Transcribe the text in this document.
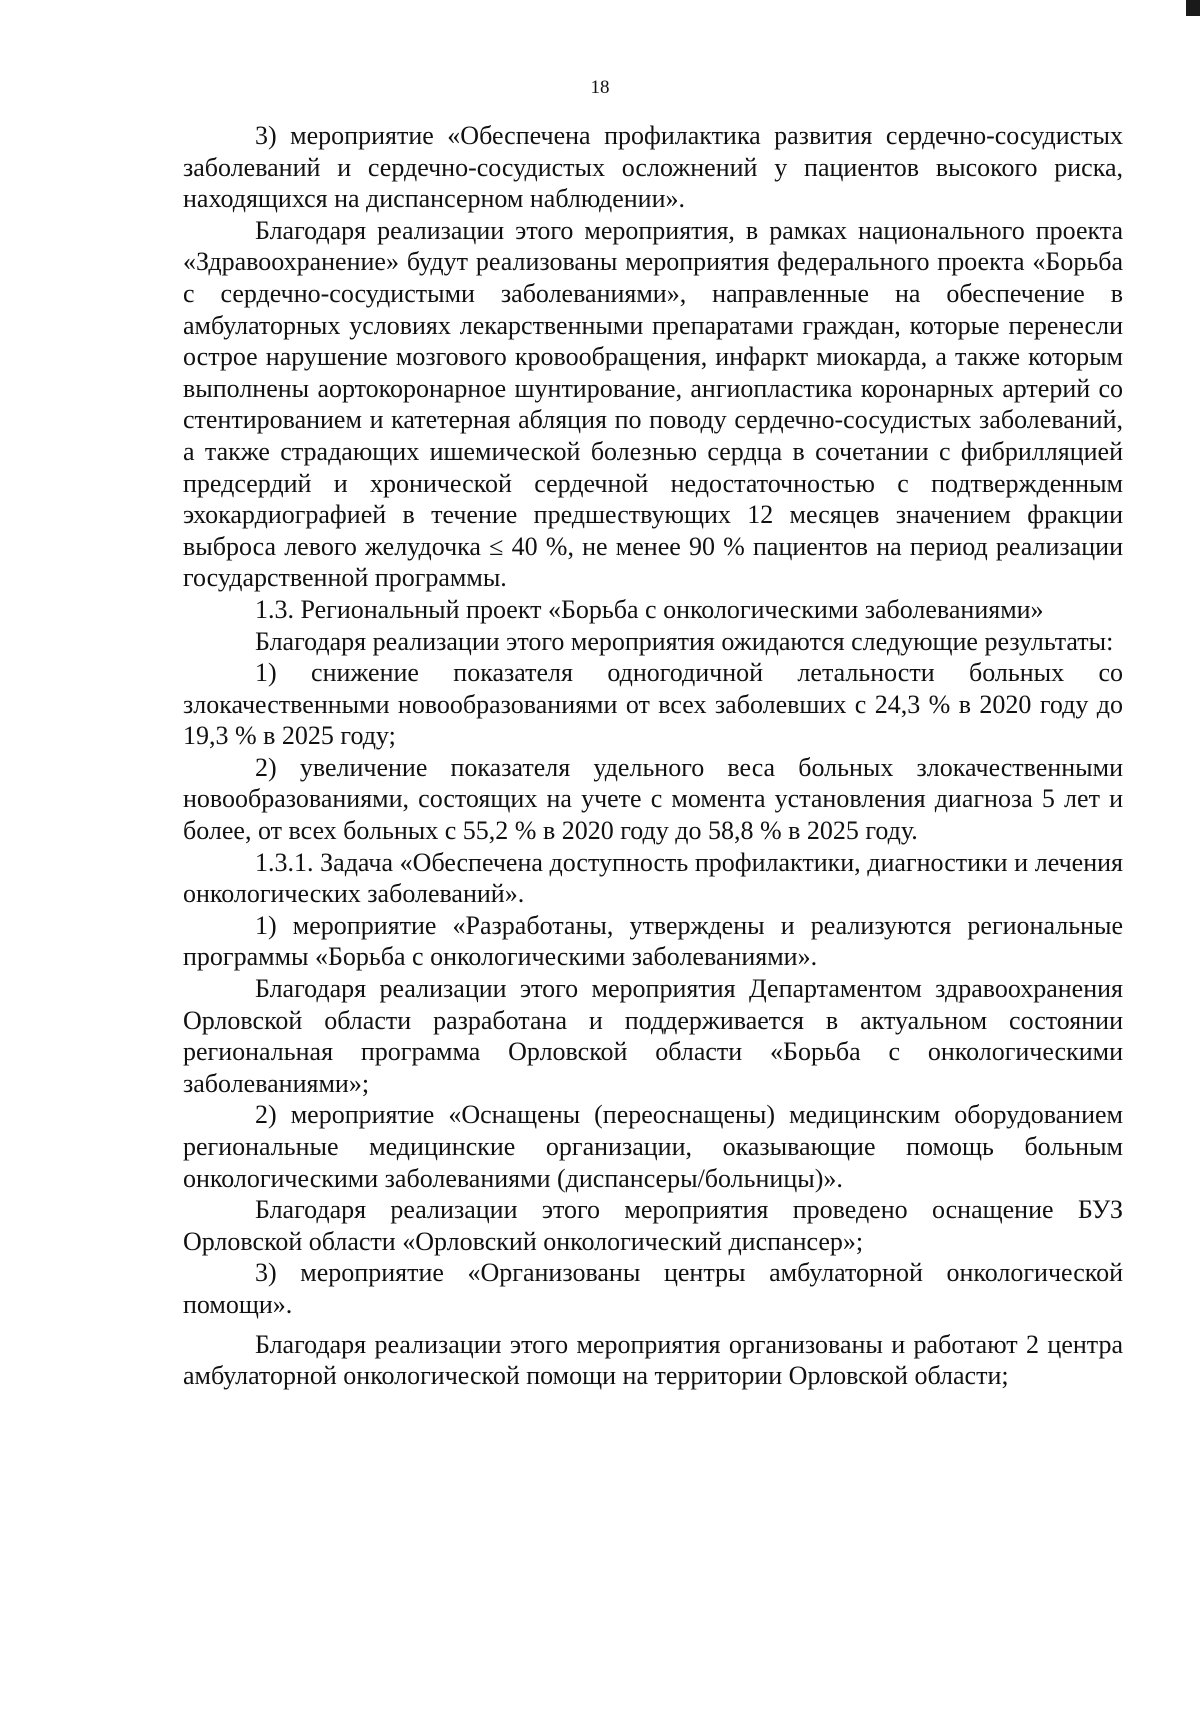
18

3) мероприятие «Обеспечена профилактика развития сердечно-сосудистых заболеваний и сердечно-сосудистых осложнений у пациентов высокого риска, находящихся на диспансерном наблюдении».

Благодаря реализации этого мероприятия, в рамках национального проекта «Здравоохранение» будут реализованы мероприятия федерального проекта «Борьба с сердечно-сосудистыми заболеваниями», направленные на обеспечение в амбулаторных условиях лекарственными препаратами граждан, которые перенесли острое нарушение мозгового кровообращения, инфаркт миокарда, а также которым выполнены аортокоронарное шунтирование, ангиопластика коронарных артерий со стентированием и катетерная абляция по поводу сердечно-сосудистых заболеваний, а также страдающих ишемической болезнью сердца в сочетании с фибрилляцией предсердий и хронической сердечной недостаточностью с подтвержденным эхокардиографией в течение предшествующих 12 месяцев значением фракции выброса левого желудочка ≤ 40 %, не менее 90 % пациентов на период реализации государственной программы.

1.3. Региональный проект «Борьба с онкологическими заболеваниями»

Благодаря реализации этого мероприятия ожидаются следующие результаты:

1) снижение показателя одногодичной летальности больных со злокачественными новообразованиями от всех заболевших с 24,3 % в 2020 году до 19,3 % в 2025 году;

2) увеличение показателя удельного веса больных злокачественными новообразованиями, состоящих на учете с момента установления диагноза 5 лет и более, от всех больных с 55,2 % в 2020 году до 58,8 % в 2025 году.

1.3.1. Задача «Обеспечена доступность профилактики, диагностики и лечения онкологических заболеваний».

1) мероприятие «Разработаны, утверждены и реализуются региональные программы «Борьба с онкологическими заболеваниями».

Благодаря реализации этого мероприятия Департаментом здравоохранения Орловской области разработана и поддерживается в актуальном состоянии региональная программа Орловской области «Борьба с онкологическими заболеваниями»;

2) мероприятие «Оснащены (переоснащены) медицинским оборудованием региональные медицинские организации, оказывающие помощь больным онкологическими заболеваниями (диспансеры/больницы)».

Благодаря реализации этого мероприятия проведено оснащение БУЗ Орловской области «Орловский онкологический диспансер»;

3) мероприятие «Организованы центры амбулаторной онкологической помощи».

Благодаря реализации этого мероприятия организованы и работают 2 центра амбулаторной онкологической помощи на территории Орловской области;
